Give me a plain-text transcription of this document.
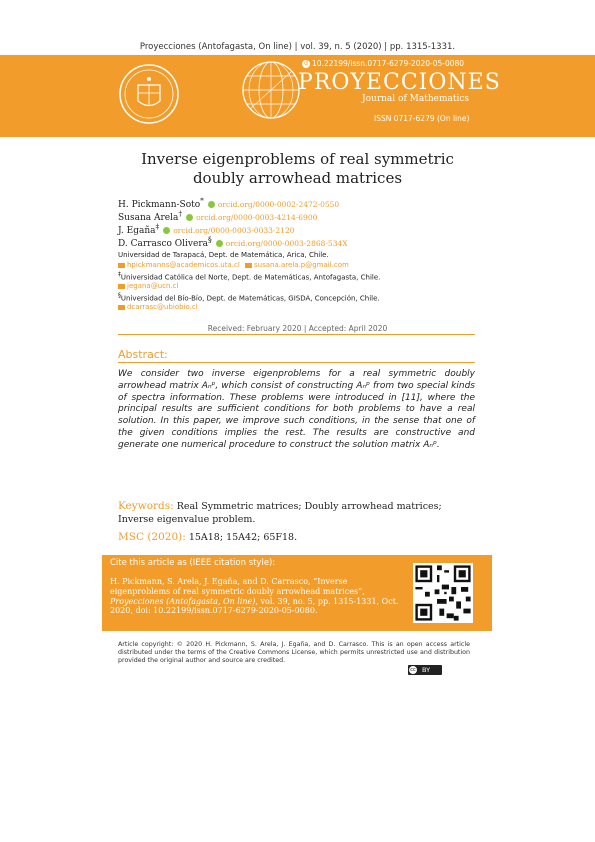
Proyecciones (Antofagasta, On line) | vol. 39, n. 5 (2020) | pp. 1315-1331.
d 10.22199/issn.0717-6279-2020-05-0080
PROYECCIONES
Journal of Mathematics
ISSN 0717-6279 (On line)
Inverse eigenproblems of real symmetric
doubly arrowhead matrices
H. Pickmann-Soto* orcid.org/0000-0002-2472-0550
Susana Arela† orcid.org/0000-0003-4214-6900
J. Egaña‡ orcid.org/0000-0003-0033-2120
D. Carrasco Olivera§ orcid.org/0000-0003-2868-534X
Universidad de Tarapacá, Dept. de Matemática, Arica, Chile.
hpickmanns@academicos.uta.cl susana.arela.p@gmail.com
‡Universidad Católica del Norte, Dept. de Matemáticas, Antofagasta, Chile.
jegana@ucn.cl
§Universidad del Bío-Bío, Dept. de Matemáticas, GISDA, Concepción, Chile.
dcarrasc@ubiobio.cl
Received: February 2020 | Accepted: April 2020
Abstract:
We consider two inverse eigenproblems for a real symmetric doubly arrowhead matrix Aₙᵖ, which consist of constructing Aₙᵖ from two special kinds of spectra information. These problems were introduced in [11], where the principal results are sufficient conditions for both problems to have a real solution. In this paper, we improve such conditions, in the sense that one of the given conditions implies the rest. The results are constructive and generate one numerical procedure to construct the solution matrix Aₙᵖ.
Keywords: Real Symmetric matrices; Doubly arrowhead matrices; Inverse eigenvalue problem.
MSC (2020): 15A18; 15A42; 65F18.
Cite this article as (IEEE citation style):
H. Pickmann, S. Arela, J. Egaña, and D. Carrasco, “Inverse eigenproblems of real symmetric doubly arrowhead matrices”, Proyecciones (Antofagasta, On line), vol. 39, no. 5, pp. 1315-1331, Oct. 2020, doi: 10.22199/issn.0717-6279-2020-05-0080.
Article copyright: © 2020 H. Pickmann, S. Arela, J. Egaña, and D. Carrasco. This is an open access article distributed under the terms of the Creative Commons License, which permits unrestricted use and distribution provided the original author and source are credited.
cc BY
